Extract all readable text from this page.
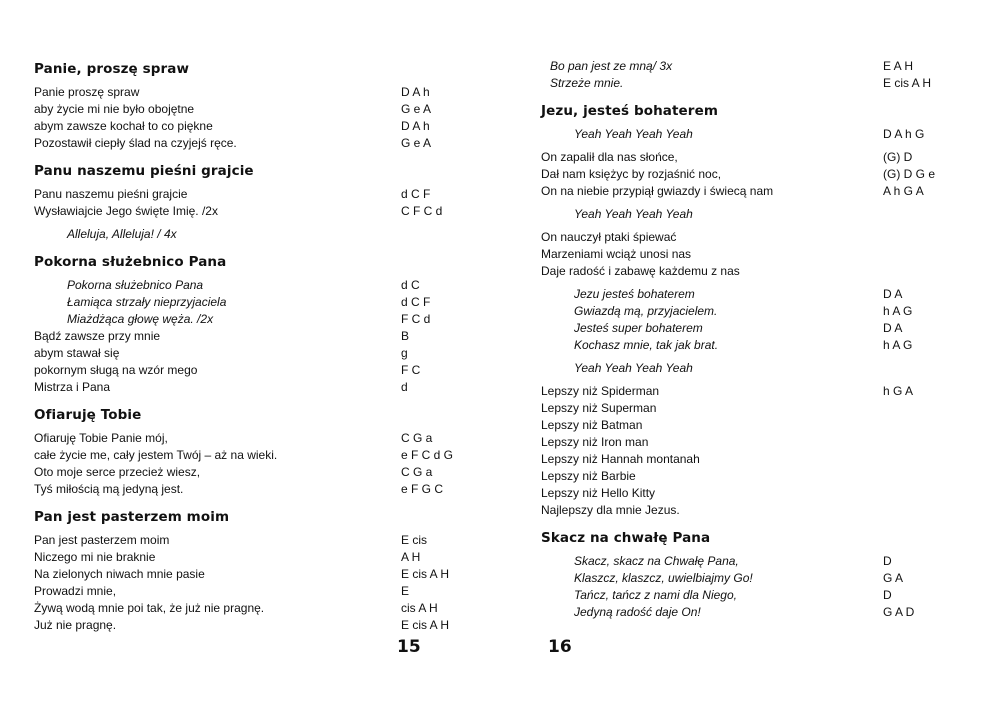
Panie, proszę spraw
Panie proszę spraw	D A h
aby życie mi nie było obojętne	G e A
abym zawsze kochał to co piękne	D A h
Pozostawił ciepły ślad na czyjejś ręce.	G e A
Panu naszemu pieśni grajcie
Panu naszemu pieśni grajcie	d C F
Wysławiajcie Jego święte Imię. /2x	C F C d
Alleluja, Alleluja! / 4x
Pokorna służebnico Pana
Pokorna służebnico Pana	d C
Łamiąca strzały nieprzyjaciela	d C F
Miażdżąca głowę węża. /2x	F C d
Bądź zawsze przy mnie	B
abym stawał się	g
pokornym sługą na wzór mego	F C
Mistrza i Pana	d
Ofiaruję Tobie
Ofiaruję Tobie Panie mój,	C G a
całe życie me, cały jestem Twój – aż na wieki.	e F C d G
Oto moje serce przecież wiesz,	C G a
Tyś miłością mą jedyną jest.	e F G C
Pan jest pasterzem moim
Pan jest pasterzem moim	E cis
Niczego mi nie braknie	A H
Na zielonych niwach mnie pasie	E cis A H
Prowadzi mnie,	E
Żywą wodą mnie poi tak, że już nie pragnę.	cis A H
Już nie pragnę.	E cis A H
Bo pan jest ze mną/ 3x	E A H
Strzeże mnie.	E cis A H
Jezu, jesteś bohaterem
Yeah Yeah Yeah Yeah	D A h G
On zapalił dla nas słońce,	(G) D
Dał nam księżyc by rozjaśnić noc,	(G) D G e
On na niebie przypiął gwiazdy i świecą nam	A h G A
Yeah Yeah Yeah Yeah
On nauczył ptaki śpiewać
Marzeniami wciąż unosi nas
Daje radość i zabawę każdemu z nas
Jezu jesteś bohaterem	D A
Gwiazdą mą, przyjacielem.	h A G
Jesteś super bohaterem	D A
Kochasz mnie, tak jak brat.	h A G
Yeah Yeah Yeah Yeah
Lepszy niż Spiderman	h G A
Lepszy niż Superman
Lepszy niż Batman
Lepszy niż Iron man
Lepszy niż Hannah montanah
Lepszy niż Barbie
Lepszy niż Hello Kitty
Najlepszy dla mnie Jezus.
Skacz na chwałę Pana
Skacz, skacz na Chwałę Pana,	D
Klaszcz, klaszcz, uwielbiajmy Go!	G A
Tańcz, tańcz z nami dla Niego,	D
Jedyną radość daje On!	G A D
15	16
